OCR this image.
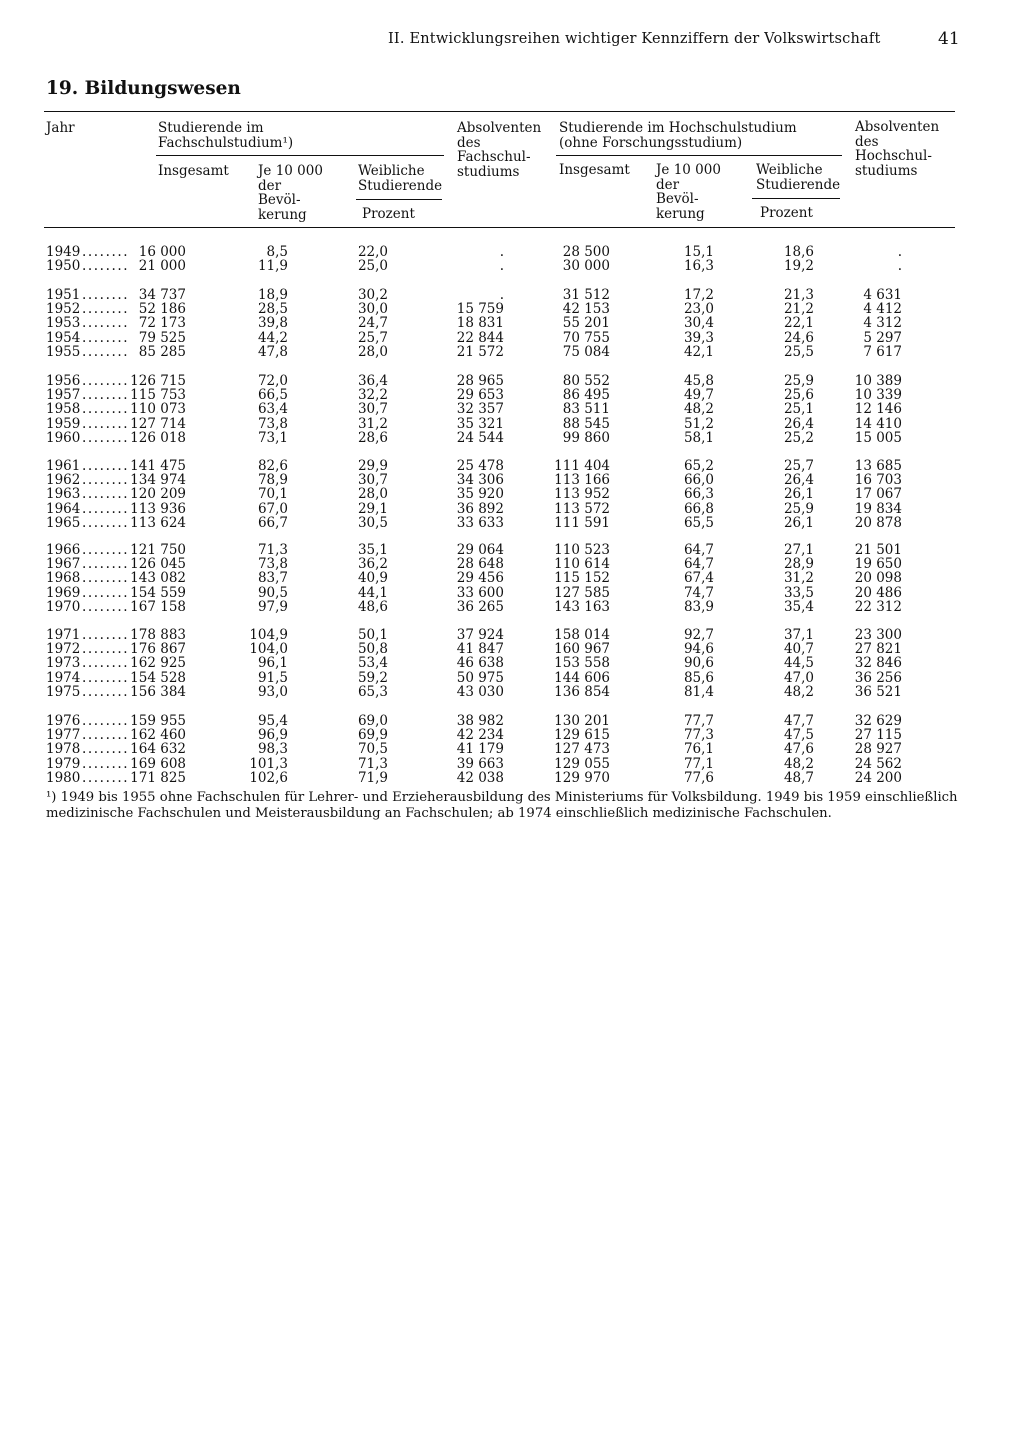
II. Entwicklungsreihen wichtiger Kennziffern der Volkswirtschaft	41
19. Bildungswesen
Jahr	Studierende im
Fachschulstudium¹)
Insgesamt Je 10 000
der
Bevöl-
kerung
Weibliche
Studierende
Prozent
Absolventen
des
Fachschul-
studiums
Studierende im Hochschulstudium
(ohne Forschungsstudium)
Insgesamt Je 10 000
der
Bevöl-
kerung
Weibliche
Studierende
Prozent
Absolventen
des
Hochschul-
studiums
1949 ........ 16 000	8,5	22,0	.	28 500	15,1	18,6	.
1950 ........ 21 000	11,9	25,0	.	30 000	16,3	19,2	.
1951 ........ 34 737	18,9	30,2	.	31 512	17,2	21,3	4 631
1952 ........ 52 186	28,5	30,0	15 759	42 153	23,0	21,2	4 412
1953 ........ 72 173	39,8	24,7	18 831	55 201	30,4	22,1	4 312
1954 ........ 79 525	44,2	25,7	22 844	70 755	39,3	24,6	5 297
1955 ........ 85 285	47,8	28,0	21 572	75 084	42,1	25,5	7 617
1956 ........ 126 715	72,0	36,4	28 965	80 552	45,8	25,9	10 389
1957 ........ 115 753	66,5	32,2	29 653	86 495	49,7	25,6	10 339
1958 ........ 110 073	63,4	30,7	32 357	83 511	48,2	25,1	12 146
1959 ........ 127 714	73,8	31,2	35 321	88 545	51,2	26,4	14 410
1960 ........ 126 018	73,1	28,6	24 544	99 860	58,1	25,2	15 005
1961 ........ 141 475	82,6	29,9	25 478	111 404	65,2	25,7	13 685
1962 ........ 134 974	78,9	30,7	34 306	113 166	66,0	26,4	16 703
1963 ........ 120 209	70,1	28,0	35 920	113 952	66,3	26,1	17 067
1964 ........ 113 936	67,0	29,1	36 892	113 572	66,8	25,9	19 834
1965 ........ 113 624	66,7	30,5	33 633	111 591	65,5	26,1	20 878
1966 ........ 121 750	71,3	35,1	29 064	110 523	64,7	27,1	21 501
1967 ........ 126 045	73,8	36,2	28 648	110 614	64,7	28,9	19 650
1968 ........ 143 082	83,7	40,9	29 456	115 152	67,4	31,2	20 098
1969 ........ 154 559	90,5	44,1	33 600	127 585	74,7	33,5	20 486
1970 ........ 167 158	97,9	48,6	36 265	143 163	83,9	35,4	22 312
1971 ........ 178 883	104,9	50,1	37 924	158 014	92,7	37,1	23 300
1972 ........ 176 867	104,0	50,8	41 847	160 967	94,6	40,7	27 821
1973 ........ 162 925	96,1	53,4	46 638	153 558	90,6	44,5	32 846
1974 ........ 154 528	91,5	59,2	50 975	144 606	85,6	47,0	36 256
1975 ........ 156 384	93,0	65,3	43 030	136 854	81,4	48,2	36 521
1976 ........ 159 955	95,4	69,0	38 982	130 201	77,7	47,7	32 629
1977 ........ 162 460	96,9	69,9	42 234	129 615	77,3	47,5	27 115
1978 ........ 164 632	98,3	70,5	41 179	127 473	76,1	47,6	28 927
1979 ........ 169 608	101,3	71,3	39 663	129 055	77,1	48,2	24 562
1980 ........ 171 825	102,6	71,9	42 038	129 970	77,6	48,7	24 200
¹) 1949 bis 1955 ohne Fachschulen für Lehrer- und Erzieherausbildung des Ministeriums für Volksbildung. 1949 bis 1959 einschließlich medizinische Fachschulen und Meisterausbildung an Fachschulen; ab 1974 einschließlich medizinische Fachschulen.
